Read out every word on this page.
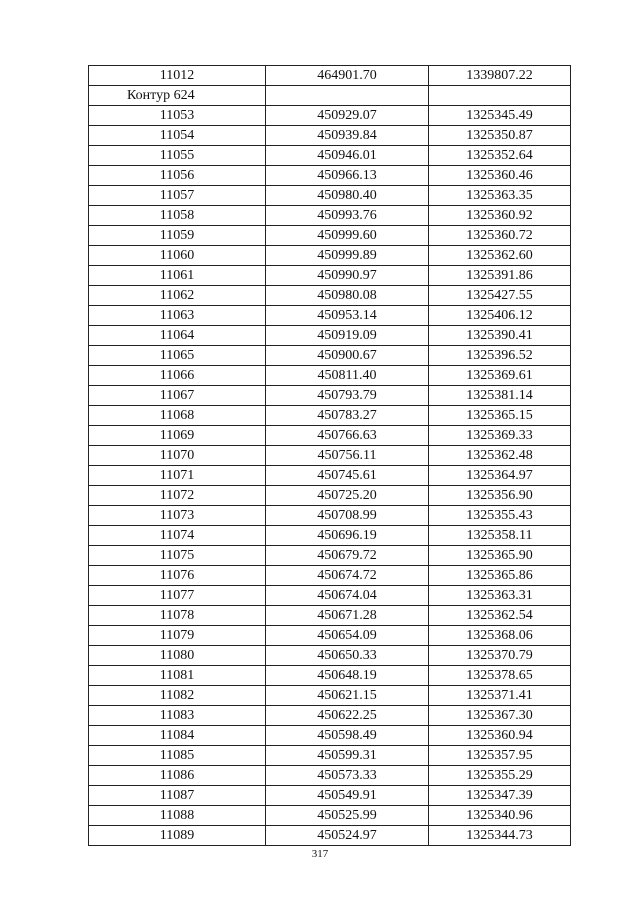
11012	464901.70	1339807.22
Контур 624		
11053	450929.07	1325345.49
11054	450939.84	1325350.87
11055	450946.01	1325352.64
11056	450966.13	1325360.46
11057	450980.40	1325363.35
11058	450993.76	1325360.92
11059	450999.60	1325360.72
11060	450999.89	1325362.60
11061	450990.97	1325391.86
11062	450980.08	1325427.55
11063	450953.14	1325406.12
11064	450919.09	1325390.41
11065	450900.67	1325396.52
11066	450811.40	1325369.61
11067	450793.79	1325381.14
11068	450783.27	1325365.15
11069	450766.63	1325369.33
11070	450756.11	1325362.48
11071	450745.61	1325364.97
11072	450725.20	1325356.90
11073	450708.99	1325355.43
11074	450696.19	1325358.11
11075	450679.72	1325365.90
11076	450674.72	1325365.86
11077	450674.04	1325363.31
11078	450671.28	1325362.54
11079	450654.09	1325368.06
11080	450650.33	1325370.79
11081	450648.19	1325378.65
11082	450621.15	1325371.41
11083	450622.25	1325367.30
11084	450598.49	1325360.94
11085	450599.31	1325357.95
11086	450573.33	1325355.29
11087	450549.91	1325347.39
11088	450525.99	1325340.96
11089	450524.97	1325344.73
317
